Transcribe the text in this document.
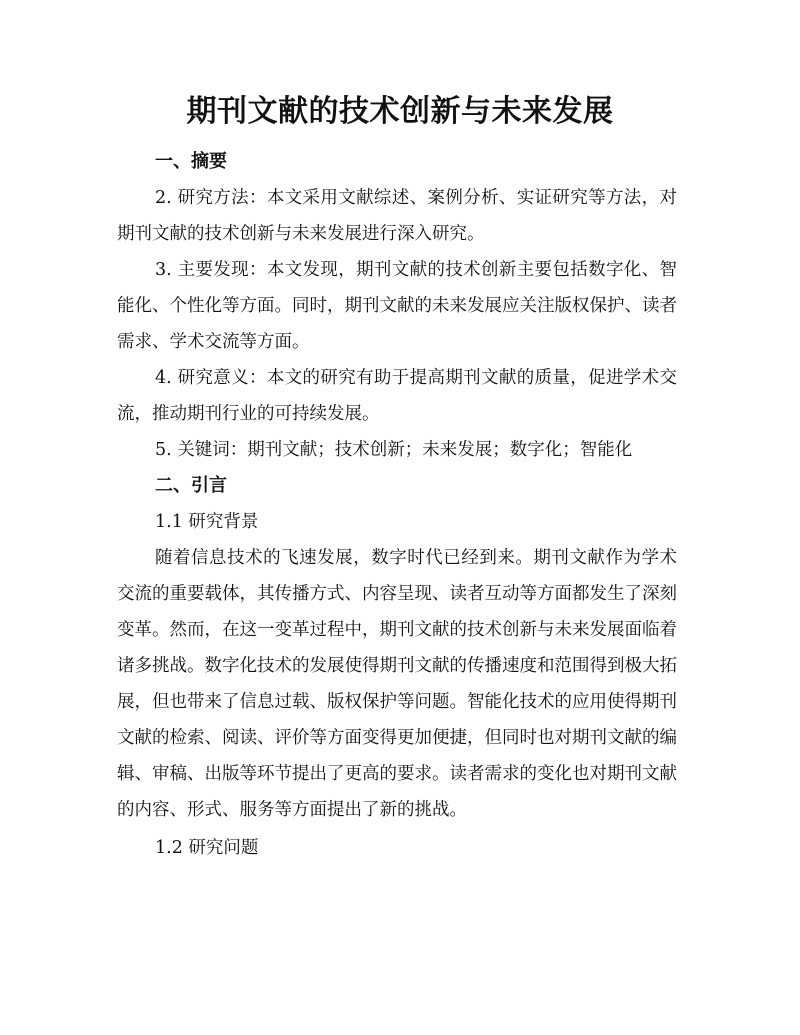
期刊文献的技术创新与未来发展
一、摘要

2. 研究方法：本文采用文献综述、案例分析、实证研究等方法，对期刊文献的技术创新与未来发展进行深入研究。

3. 主要发现：本文发现，期刊文献的技术创新主要包括数字化、智能化、个性化等方面。同时，期刊文献的未来发展应关注版权保护、读者需求、学术交流等方面。

4. 研究意义：本文的研究有助于提高期刊文献的质量，促进学术交流，推动期刊行业的可持续发展。

5. 关键词：期刊文献；技术创新；未来发展；数字化；智能化

二、引言

1.1 研究背景

随着信息技术的飞速发展，数字时代已经到来。期刊文献作为学术交流的重要载体，其传播方式、内容呈现、读者互动等方面都发生了深刻变革。然而，在这一变革过程中，期刊文献的技术创新与未来发展面临着诸多挑战。数字化技术的发展使得期刊文献的传播速度和范围得到极大拓展，但也带来了信息过载、版权保护等问题。智能化技术的应用使得期刊文献的检索、阅读、评价等方面变得更加便捷，但同时也对期刊文献的编辑、审稿、出版等环节提出了更高的要求。读者需求的变化也对期刊文献的内容、形式、服务等方面提出了新的挑战。

1.2 研究问题
